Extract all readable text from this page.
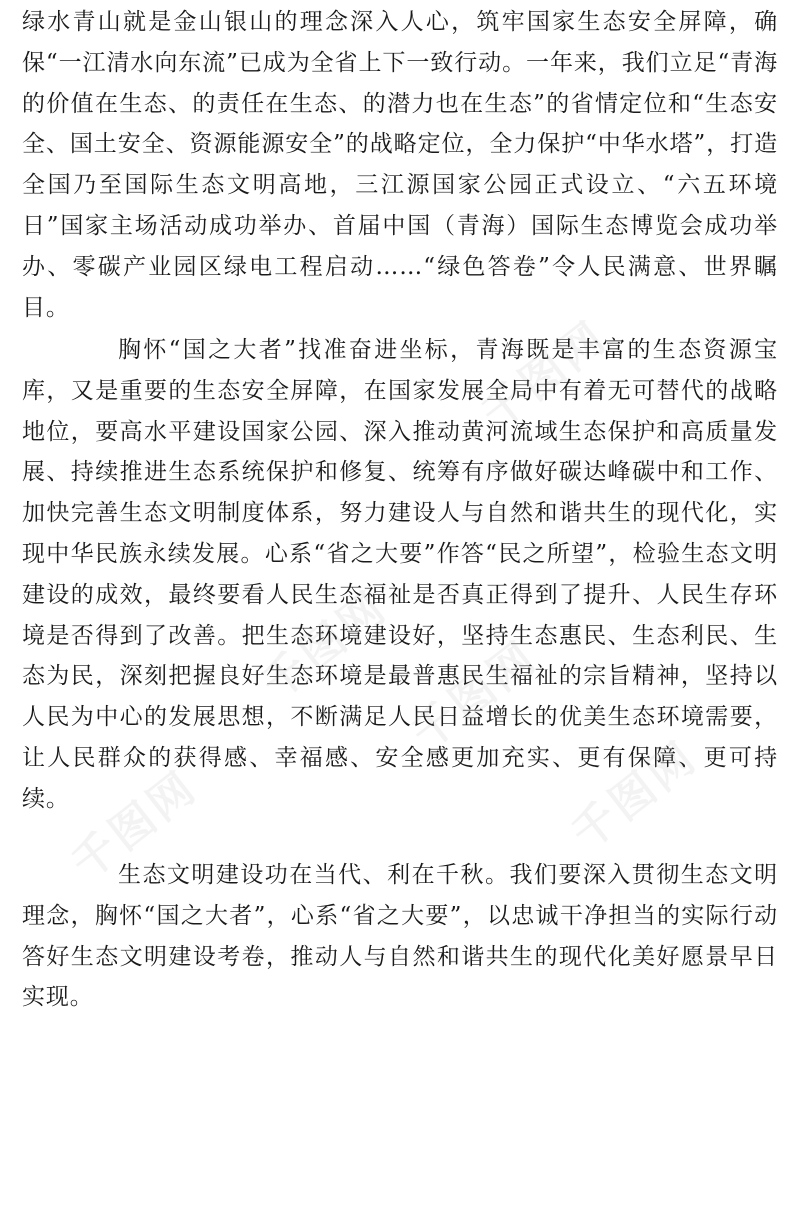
绿水青山就是金山银山的理念深入人心，筑牢国家生态安全屏障，确保“一江清水向东流”已成为全省上下一致行动。一年来，我们立足“青海的价值在生态、的责任在生态、的潜力也在生态”的省情定位和“生态安全、国土安全、资源能源安全”的战略定位，全力保护“中华水塔”，打造全国乃至国际生态文明高地，三江源国家公园正式设立、“六五环境日”国家主场活动成功举办、首届中国（青海）国际生态博览会成功举办、零碳产业园区绿电工程启动……“绿色答卷”令人民满意、世界瞩目。

胸怀“国之大者”找准奋进坐标，青海既是丰富的生态资源宝库，又是重要的生态安全屏障，在国家发展全局中有着无可替代的战略地位，要高水平建设国家公园、深入推动黄河流域生态保护和高质量发展、持续推进生态系统保护和修复、统筹有序做好碳达峰碳中和工作、加快完善生态文明制度体系，努力建设人与自然和谐共生的现代化，实现中华民族永续发展。心系“省之大要”作答“民之所望”，检验生态文明建设的成效，最终要看人民生态福祉是否真正得到了提升、人民生存环境是否得到了改善。把生态环境建设好，坚持生态惠民、生态利民、生态为民，深刻把握良好生态环境是最普惠民生福祉的宗旨精神，坚持以人民为中心的发展思想，不断满足人民日益增长的优美生态环境需要，让人民群众的获得感、幸福感、安全感更加充实、更有保障、更可持续。

生态文明建设功在当代、利在千秋。我们要深入贯彻生态文明理念，胸怀“国之大者”，心系“省之大要”，以忠诚干净担当的实际行动答好生态文明建设考卷，推动人与自然和谐共生的现代化美好愿景早日实现。

千图网
千图网 千图网
千图网
千图网
